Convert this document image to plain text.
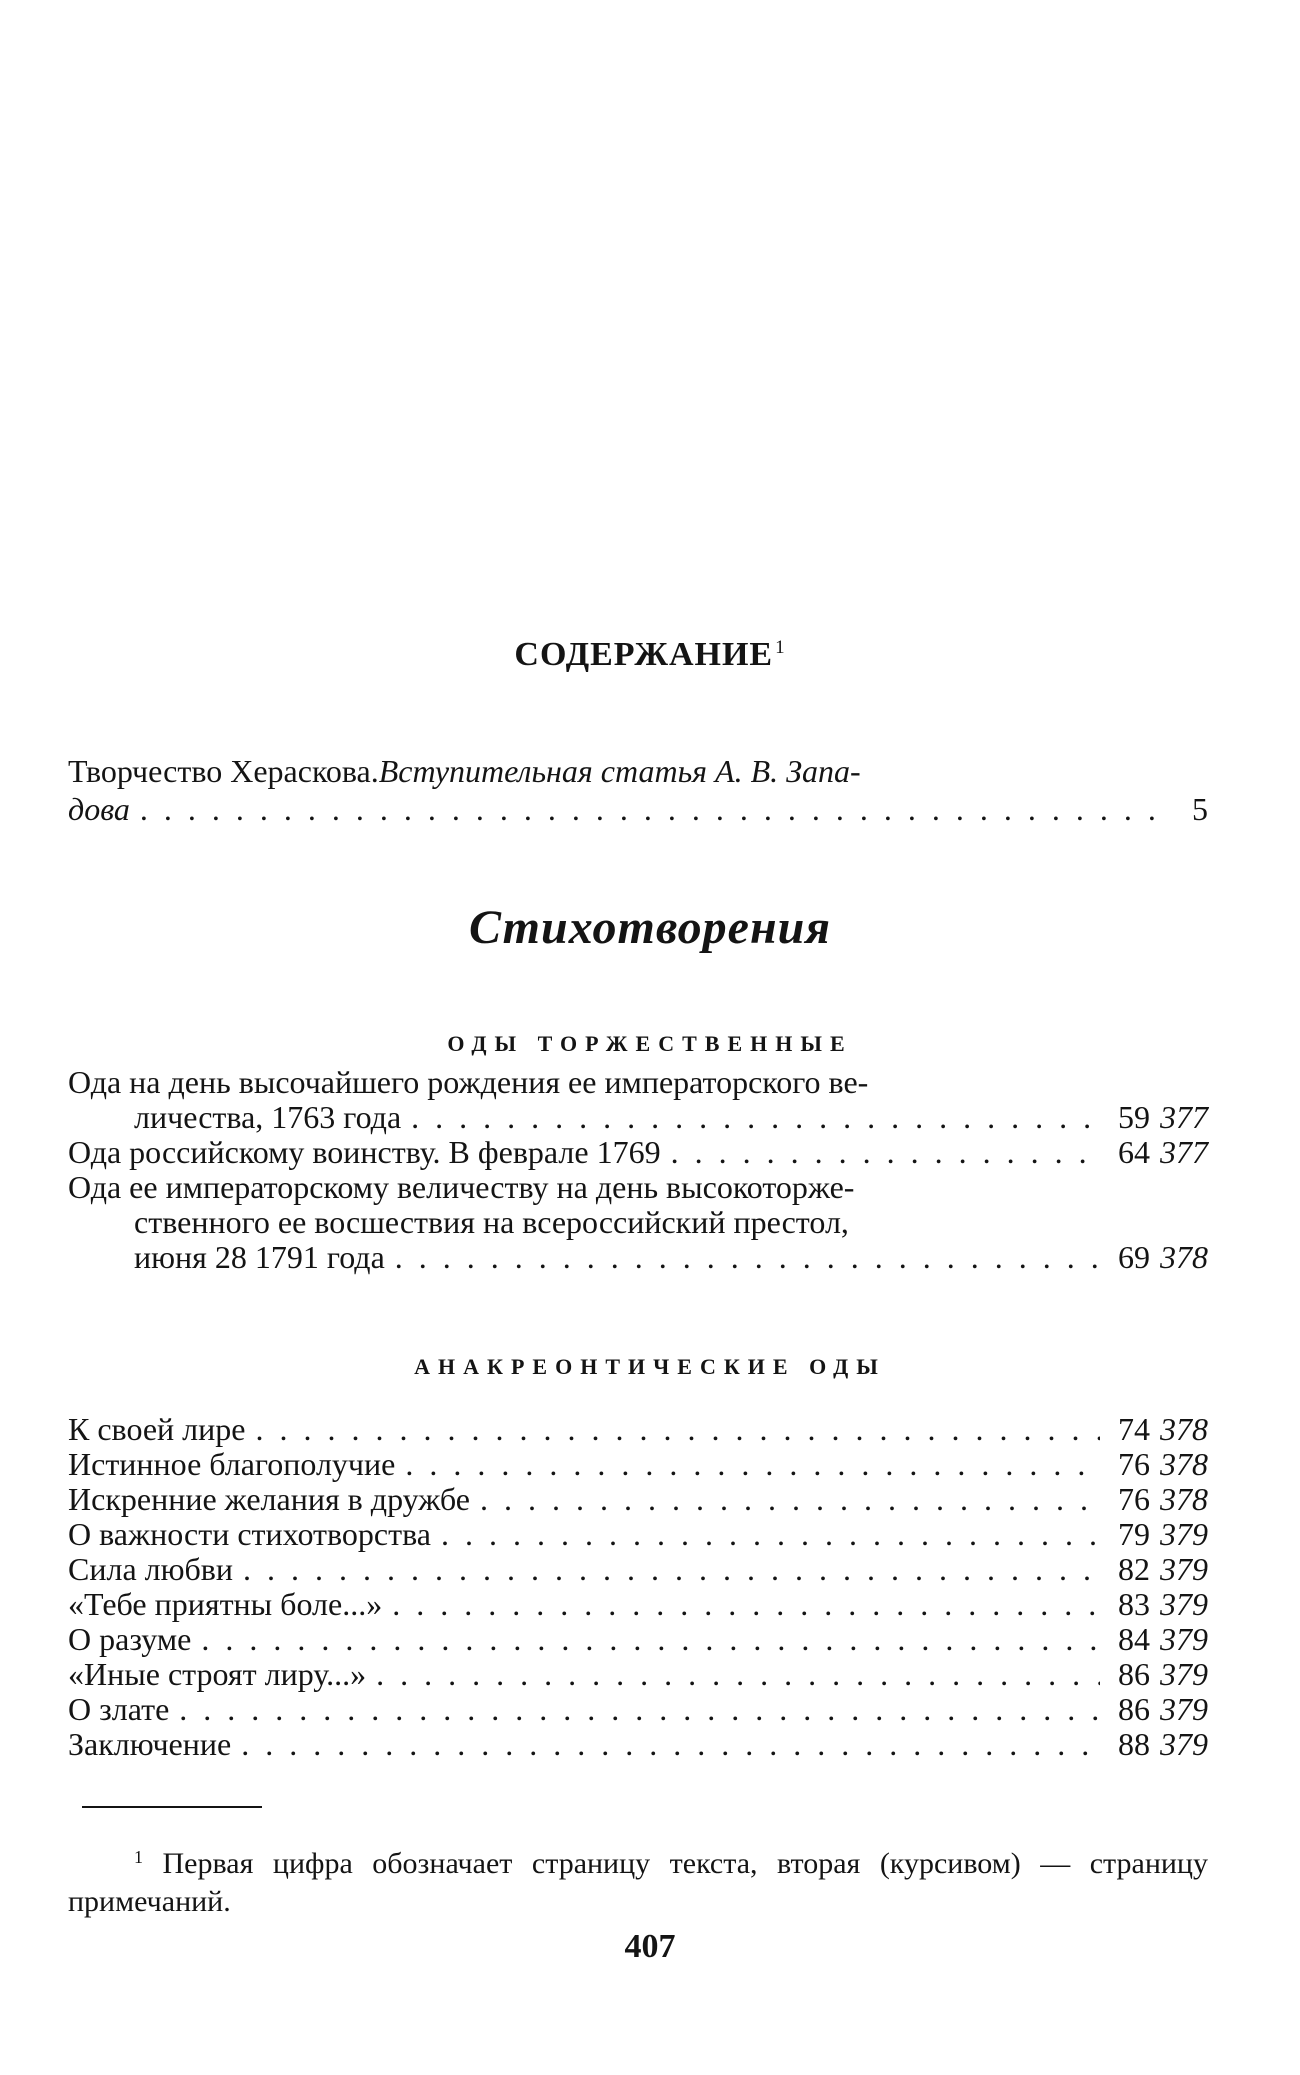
СОДЕРЖАНИЕ $^1$
Творчество Хераскова. Вступительная статья А. В. Запа-
дова . . .	5
Стихотворения
ОДЫ ТОРЖЕСТВЕННЫЕ
Ода на день высочайшего рождения ее императорского ве-
личества, 1763 года . . .	59 377
Ода российскому воинству. В феврале 1769 . . .	64 377
Ода ее императорскому величеству на день высокоторже-
ственного ее восшествия на всероссийский престол,
июня 28 1791 года . . .	69 378
АНАКРЕОНТИЧЕСКИЕ ОДЫ
К своей лире . . .	74 378
Истинное благополучие . . .	76 378
Искренние желания в дружбе . . .	76 378
О важности стихотворства . . .	79 379
Сила любви . . .	82 379
«Тебе приятны боле...» . . .	83 379
О разуме . . .	84 379
«Иные строят лиру...» . . .	86 379
О злате . . .	86 379
Заключение . . .	88 379
$^1$ Первая цифра обозначает страницу текста, вторая (курсивом) — страницу примечаний.
407
